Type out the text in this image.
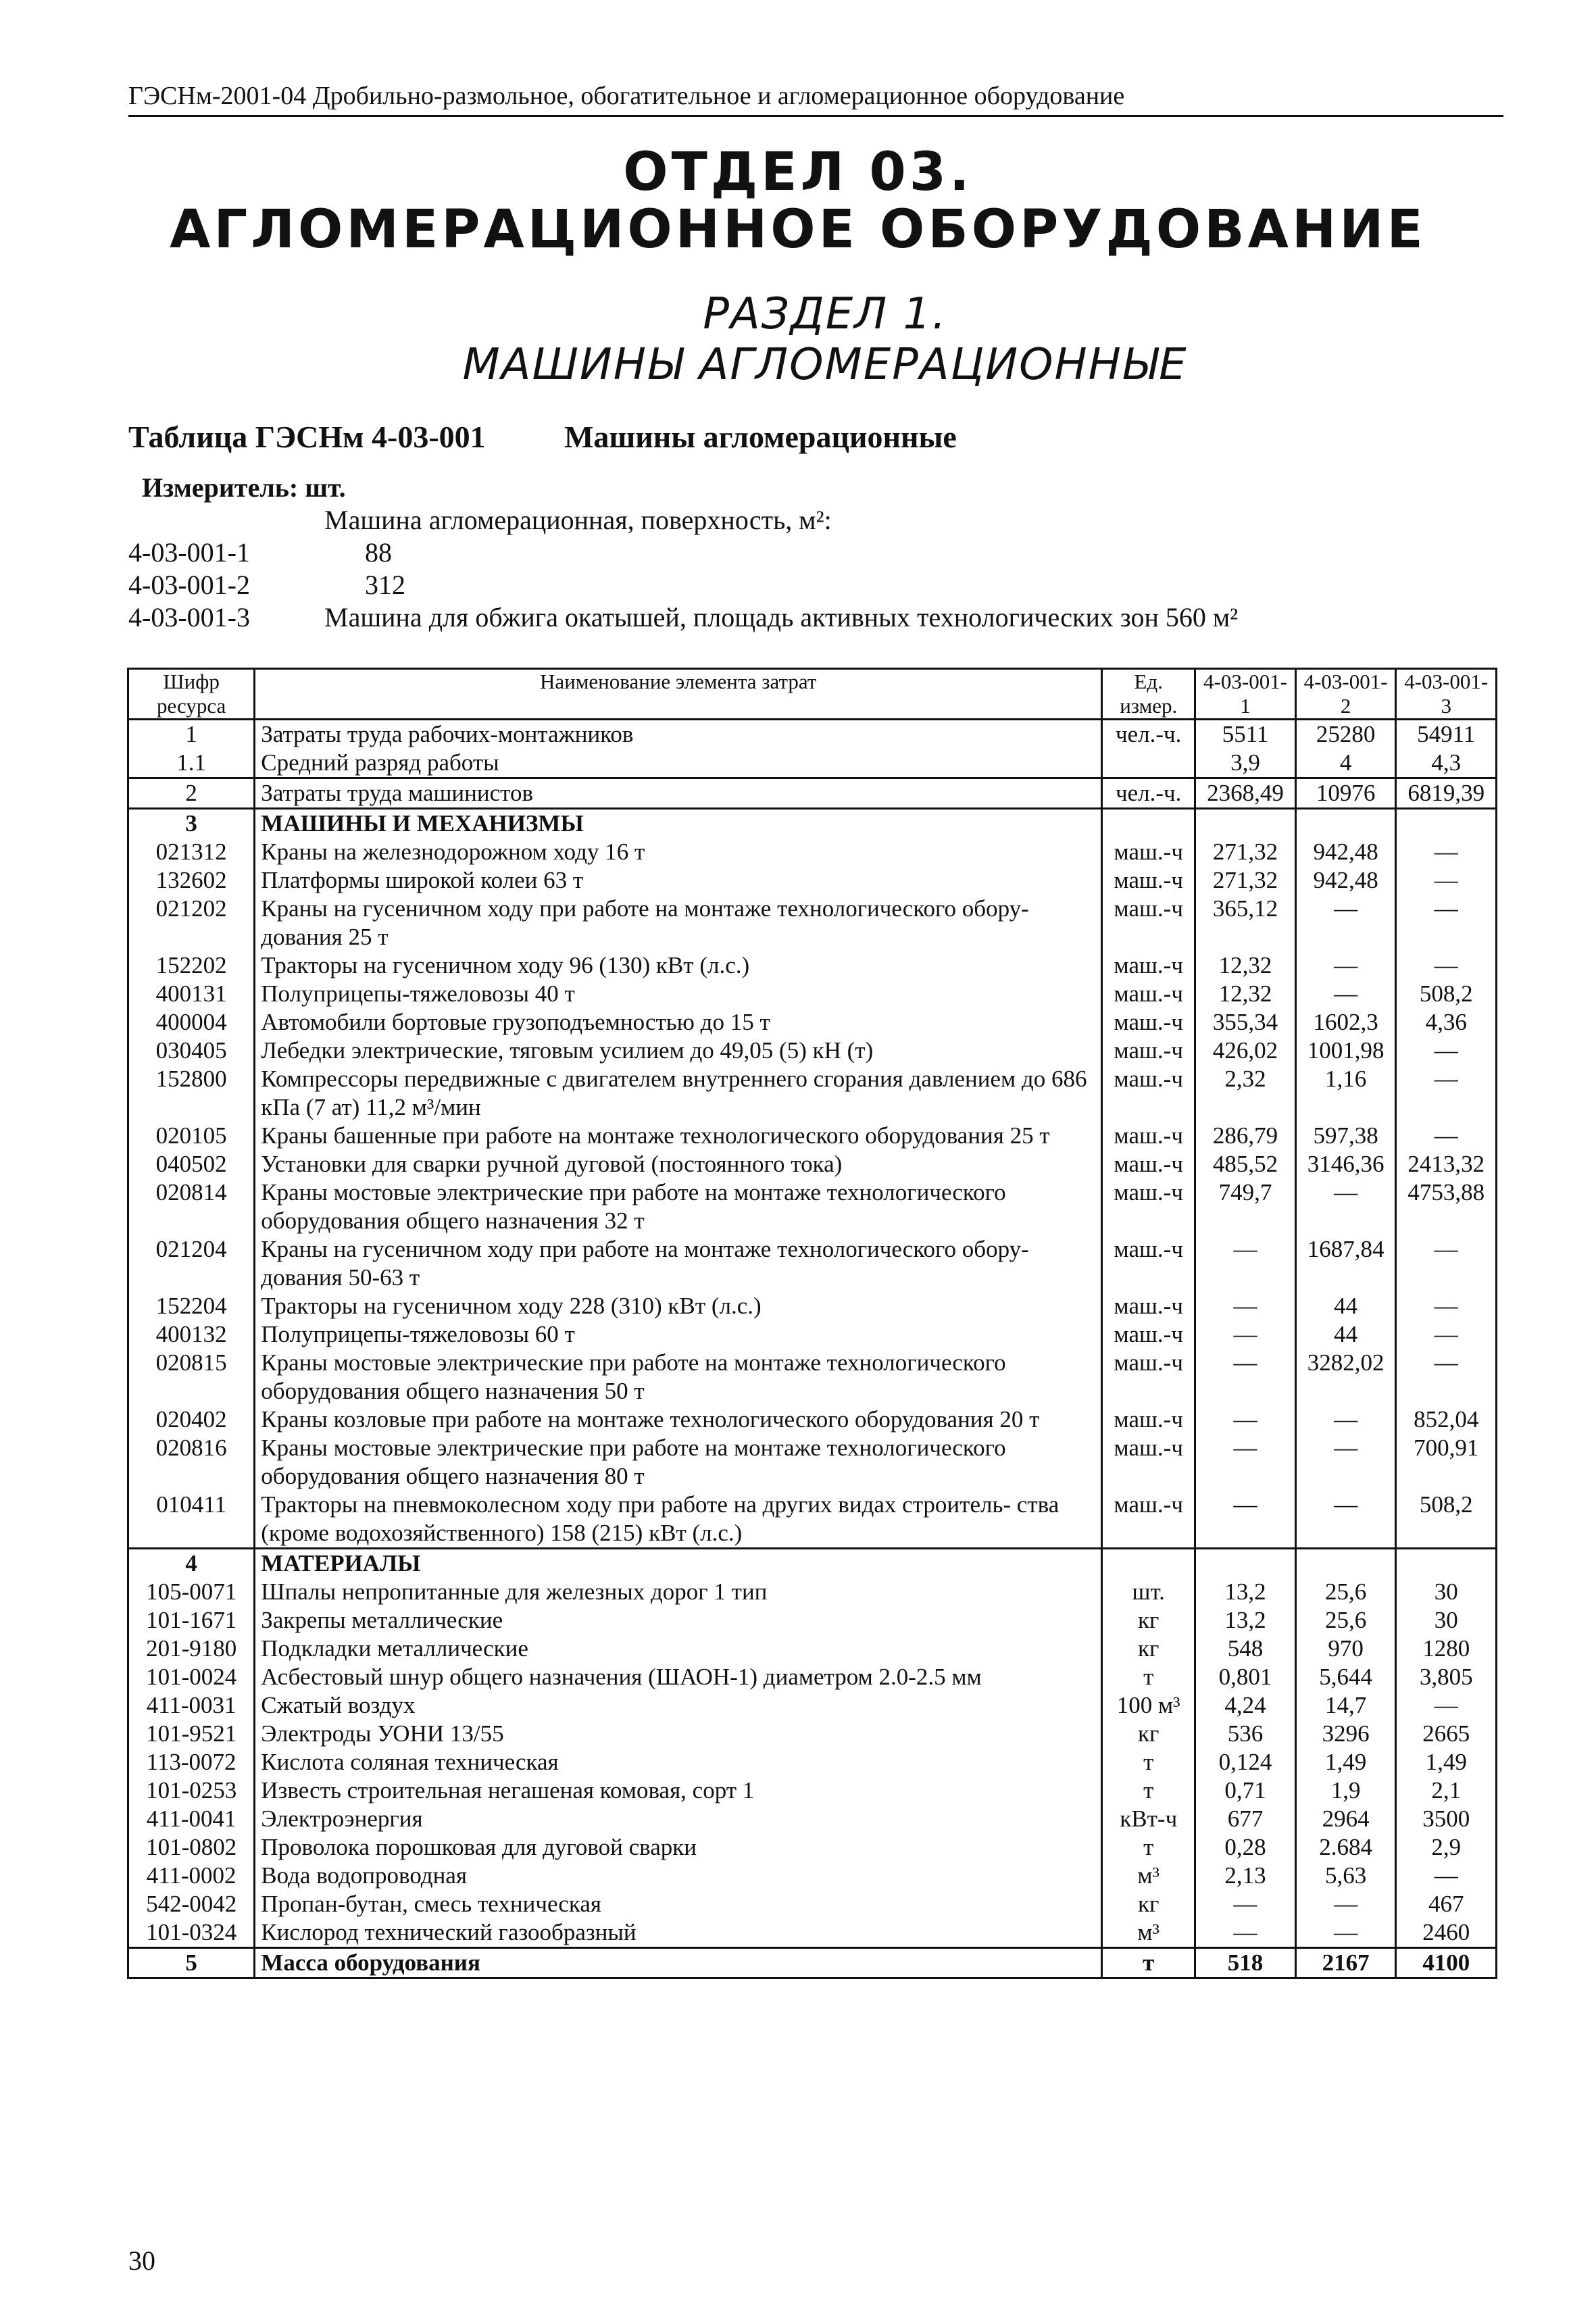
ГЭСНм-2001-04 Дробильно-размольное, обогатительное и агломерационное оборудование
ОТДЕЛ 03.
АГЛОМЕРАЦИОННОЕ ОБОРУДОВАНИЕ
РАЗДЕЛ 1.
МАШИНЫ АГЛОМЕРАЦИОННЫЕ
Таблица ГЭСНм 4-03-001	Машины агломерационные
Измеритель: шт.
Машина агломерационная, поверхность, м²:
4-03-001-1	88
4-03-001-2	312
4-03-001-3	Машина для обжига окатышей, площадь активных технологических зон 560 м²
Шифр ресурса	Наименование элемента затрат	Ед. измер.	4-03-001- 1	4-03-001- 2	4-03-001- 3
1	Затраты труда рабочих-монтажников	чел.-ч.	5511	25280	54911
1.1	Средний разряд работы		3,9	4	4,3
2	Затраты труда машинистов	чел.-ч.	2368,49	10976	6819,39
3	МАШИНЫ И МЕХАНИЗМЫ				
021312	Краны на железнодорожном ходу 16 т	маш.-ч	271,32	942,48	—
132602	Платформы широкой колеи 63 т	маш.-ч	271,32	942,48	—
021202	Краны на гусеничном ходу при работе на монтаже технологического обору- дования 25 т	маш.-ч	365,12	—	—
152202	Тракторы на гусеничном ходу 96 (130) кВт (л.с.)	маш.-ч	12,32	—	—
400131	Полуприцепы-тяжеловозы 40 т	маш.-ч	12,32	—	508,2
400004	Автомобили бортовые грузоподъемностью до 15 т	маш.-ч	355,34	1602,3	4,36
030405	Лебедки электрические, тяговым усилием до 49,05 (5) кН (т)	маш.-ч	426,02	1001,98	—
152800	Компрессоры передвижные с двигателем внутреннего сгорания давлением до 686 кПа (7 ат) 11,2 м³/мин	маш.-ч	2,32	1,16	—
020105	Краны башенные при работе на монтаже технологического оборудования 25 т	маш.-ч	286,79	597,38	—
040502	Установки для сварки ручной дуговой (постоянного тока)	маш.-ч	485,52	3146,36	2413,32
020814	Краны мостовые электрические при работе на монтаже технологического оборудования общего назначения 32 т	маш.-ч	749,7	—	4753,88
021204	Краны на гусеничном ходу при работе на монтаже технологического обору- дования 50-63 т	маш.-ч	—	1687,84	—
152204	Тракторы на гусеничном ходу 228 (310) кВт (л.с.)	маш.-ч	—	44	—
400132	Полуприцепы-тяжеловозы 60 т	маш.-ч	—	44	—
020815	Краны мостовые электрические при работе на монтаже технологического оборудования общего назначения 50 т	маш.-ч	—	3282,02	—
020402	Краны козловые при работе на монтаже технологического оборудования 20 т	маш.-ч	—	—	852,04
020816	Краны мостовые электрические при работе на монтаже технологического оборудования общего назначения 80 т	маш.-ч	—	—	700,91
010411	Тракторы на пневмоколесном ходу при работе на других видах строитель- ства (кроме водохозяйственного) 158 (215) кВт (л.с.)	маш.-ч	—	—	508,2
4	МАТЕРИАЛЫ				
105-0071	Шпалы непропитанные для железных дорог 1 тип	шт.	13,2	25,6	30
101-1671	Закрепы металлические	кг	13,2	25,6	30
201-9180	Подкладки металлические	кг	548	970	1280
101-0024	Асбестовый шнур общего назначения (ШАОН-1) диаметром 2.0-2.5 мм	т	0,801	5,644	3,805
411-0031	Сжатый воздух	100 м³	4,24	14,7	—
101-9521	Электроды УОНИ 13/55	кг	536	3296	2665
113-0072	Кислота соляная техническая	т	0,124	1,49	1,49
101-0253	Известь строительная негашеная комовая, сорт 1	т	0,71	1,9	2,1
411-0041	Электроэнергия	кВт-ч	677	2964	3500
101-0802	Проволока порошковая для дуговой сварки	т	0,28	2.684	2,9
411-0002	Вода водопроводная	м³	2,13	5,63	—
542-0042	Пропан-бутан, смесь техническая	кг	—	—	467
101-0324	Кислород технический газообразный	м³	—	—	2460
5	Масса оборудования	т	518	2167	4100
30
